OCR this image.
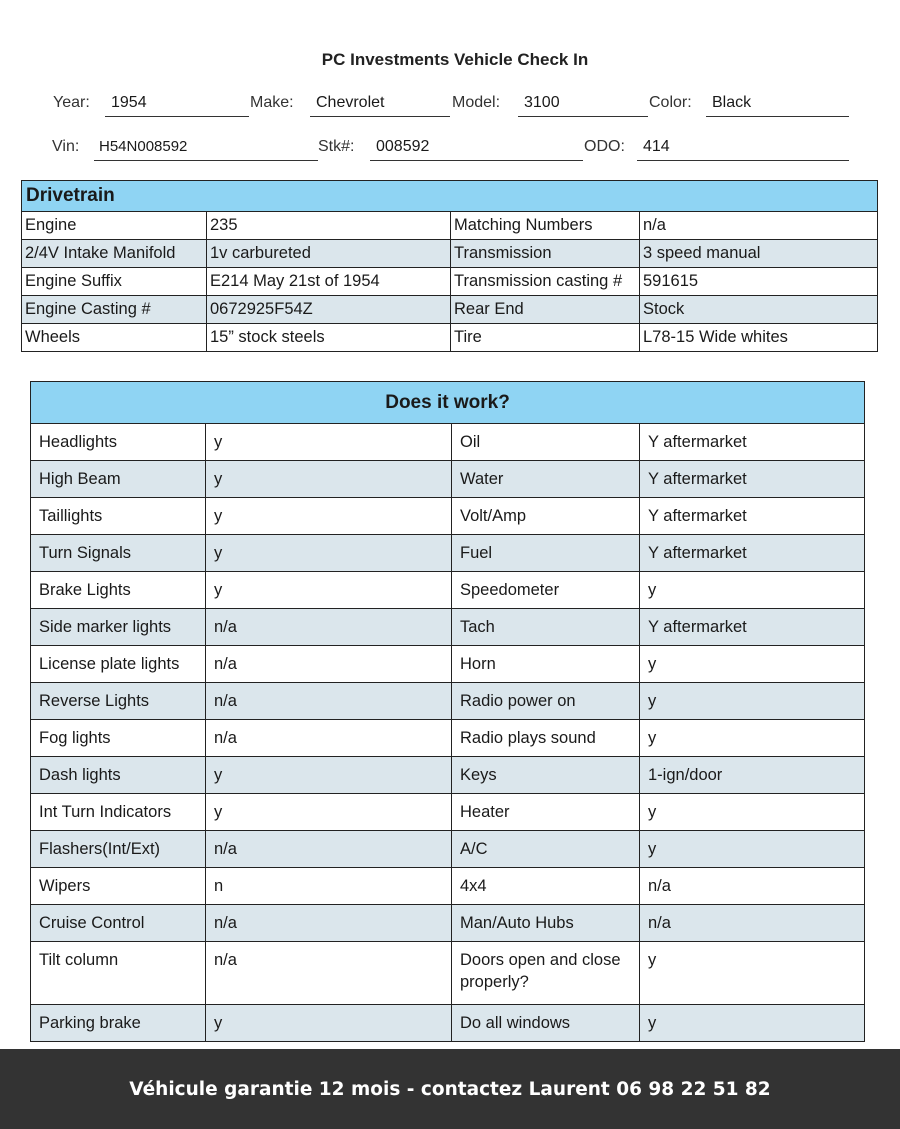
PC Investments Vehicle Check In
Year: 1954	Make: Chevrolet	Model: 3100	Color: Black
Vin: H54N008592	Stk#: 008592	ODO: 414
Drivetrain			
Engine	235	Matching Numbers	n/a
2/4V Intake Manifold	1v carbureted	Transmission	3 speed manual
Engine Suffix	E214 May 21st of 1954	Transmission casting #	591615
Engine Casting #	0672925F54Z	Rear End	Stock
Wheels	15” stock steels	Tire	L78-15 Wide whites
Does it work?			
Headlights	y	Oil	Y aftermarket
High Beam	y	Water	Y aftermarket
Taillights	y	Volt/Amp	Y aftermarket
Turn Signals	y	Fuel	Y aftermarket
Brake Lights	y	Speedometer	y
Side marker lights	n/a	Tach	Y aftermarket
License plate lights	n/a	Horn	y
Reverse Lights	n/a	Radio power on	y
Fog lights	n/a	Radio plays sound	y
Dash lights	y	Keys	1-ign/door
Int Turn Indicators	y	Heater	y
Flashers(Int/Ext)	n/a	A/C	y
Wipers	n	4x4	n/a
Cruise Control	n/a	Man/Auto Hubs	n/a
Tilt column	n/a	Doors open and close properly?	y
Parking brake	y	Do all windows	y
Véhicule garantie 12 mois - contactez Laurent 06 98 22 51 82
